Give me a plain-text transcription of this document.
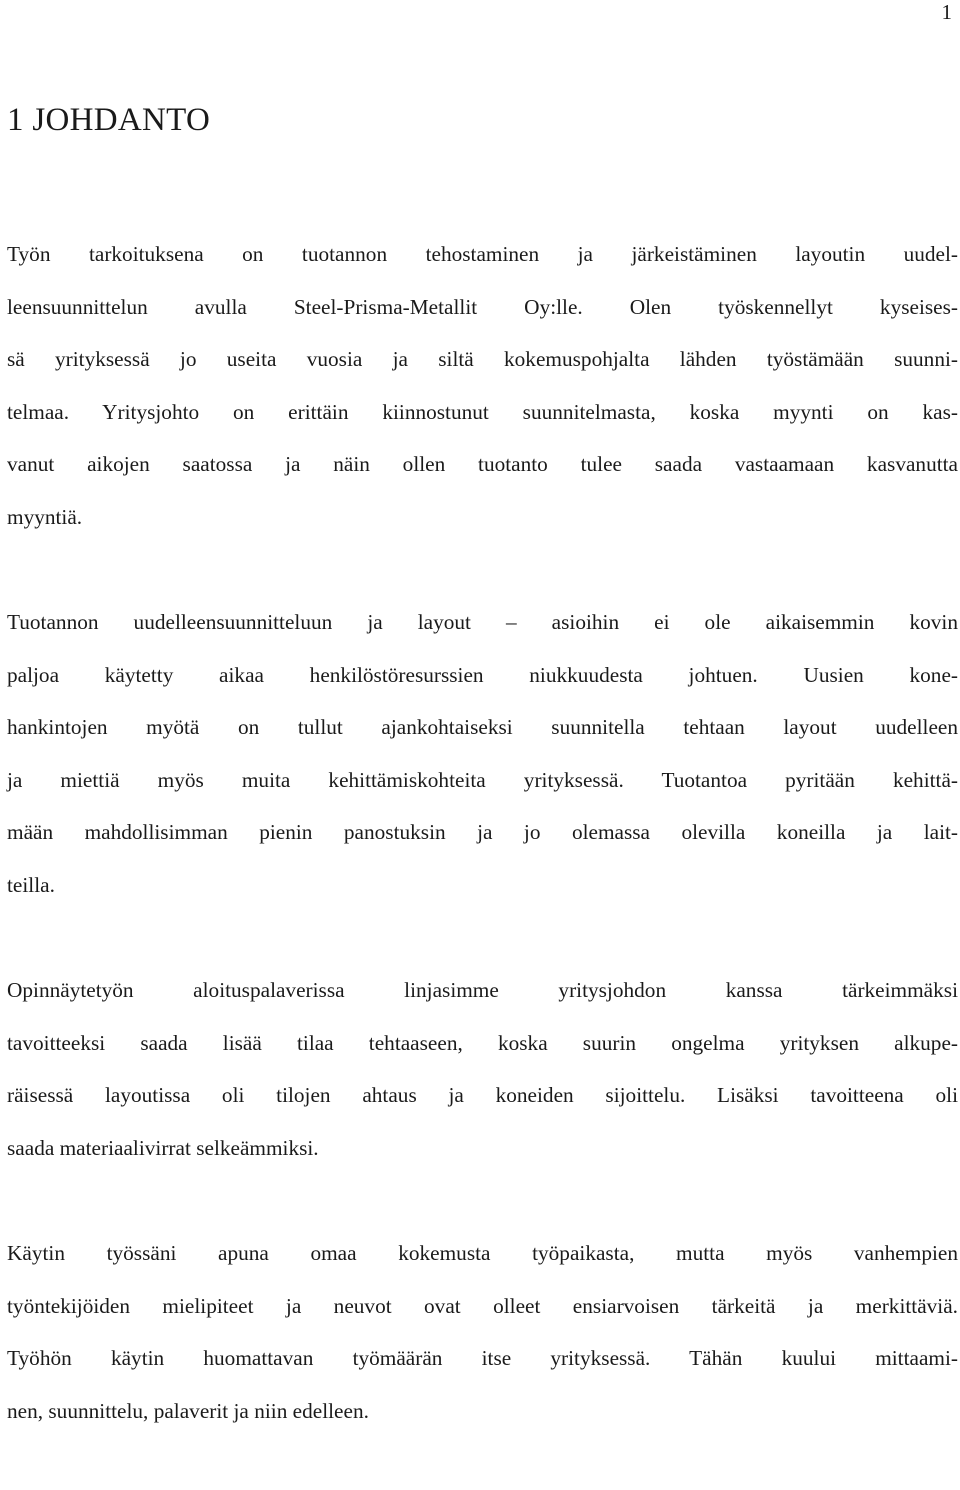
1
1 JOHDANTO

Työn tarkoituksena on tuotannon tehostaminen ja järkeistäminen layoutin uudel-
leensuunnittelun avulla Steel-Prisma-Metallit Oy:lle. Olen työskennellyt kyseises-
sä yrityksessä jo useita vuosia ja siltä kokemuspohjalta lähden työstämään suunni-
telmaa. Yritysjohto on erittäin kiinnostunut suunnitelmasta, koska myynti on kas-
vanut aikojen saatossa ja näin ollen tuotanto tulee saada vastaamaan kasvanutta
myyntiä.

Tuotannon uudelleensuunnitteluun ja layout – asioihin ei ole aikaisemmin kovin
paljoa käytetty aikaa henkilöstöresurssien niukkuudesta johtuen. Uusien kone-
hankintojen myötä on tullut ajankohtaiseksi suunnitella tehtaan layout uudelleen
ja miettiä myös muita kehittämiskohteita yrityksessä. Tuotantoa pyritään kehittä-
mään mahdollisimman pienin panostuksin ja jo olemassa olevilla koneilla ja lait-
teilla.

Opinnäytetyön aloituspalaverissa linjasimme yritysjohdon kanssa tärkeimmäksi
tavoitteeksi saada lisää tilaa tehtaaseen, koska suurin ongelma yrityksen alkupe-
räisessä layoutissa oli tilojen ahtaus ja koneiden sijoittelu. Lisäksi tavoitteena oli
saada materiaalivirrat selkeämmiksi.

Käytin työssäni apuna omaa kokemusta työpaikasta, mutta myös vanhempien
työntekijöiden mielipiteet ja neuvot ovat olleet ensiarvoisen tärkeitä ja merkittäviä.
Työhön käytin huomattavan työmäärän itse yrityksessä. Tähän kuului mittaami-
nen, suunnittelu, palaverit ja niin edelleen.
